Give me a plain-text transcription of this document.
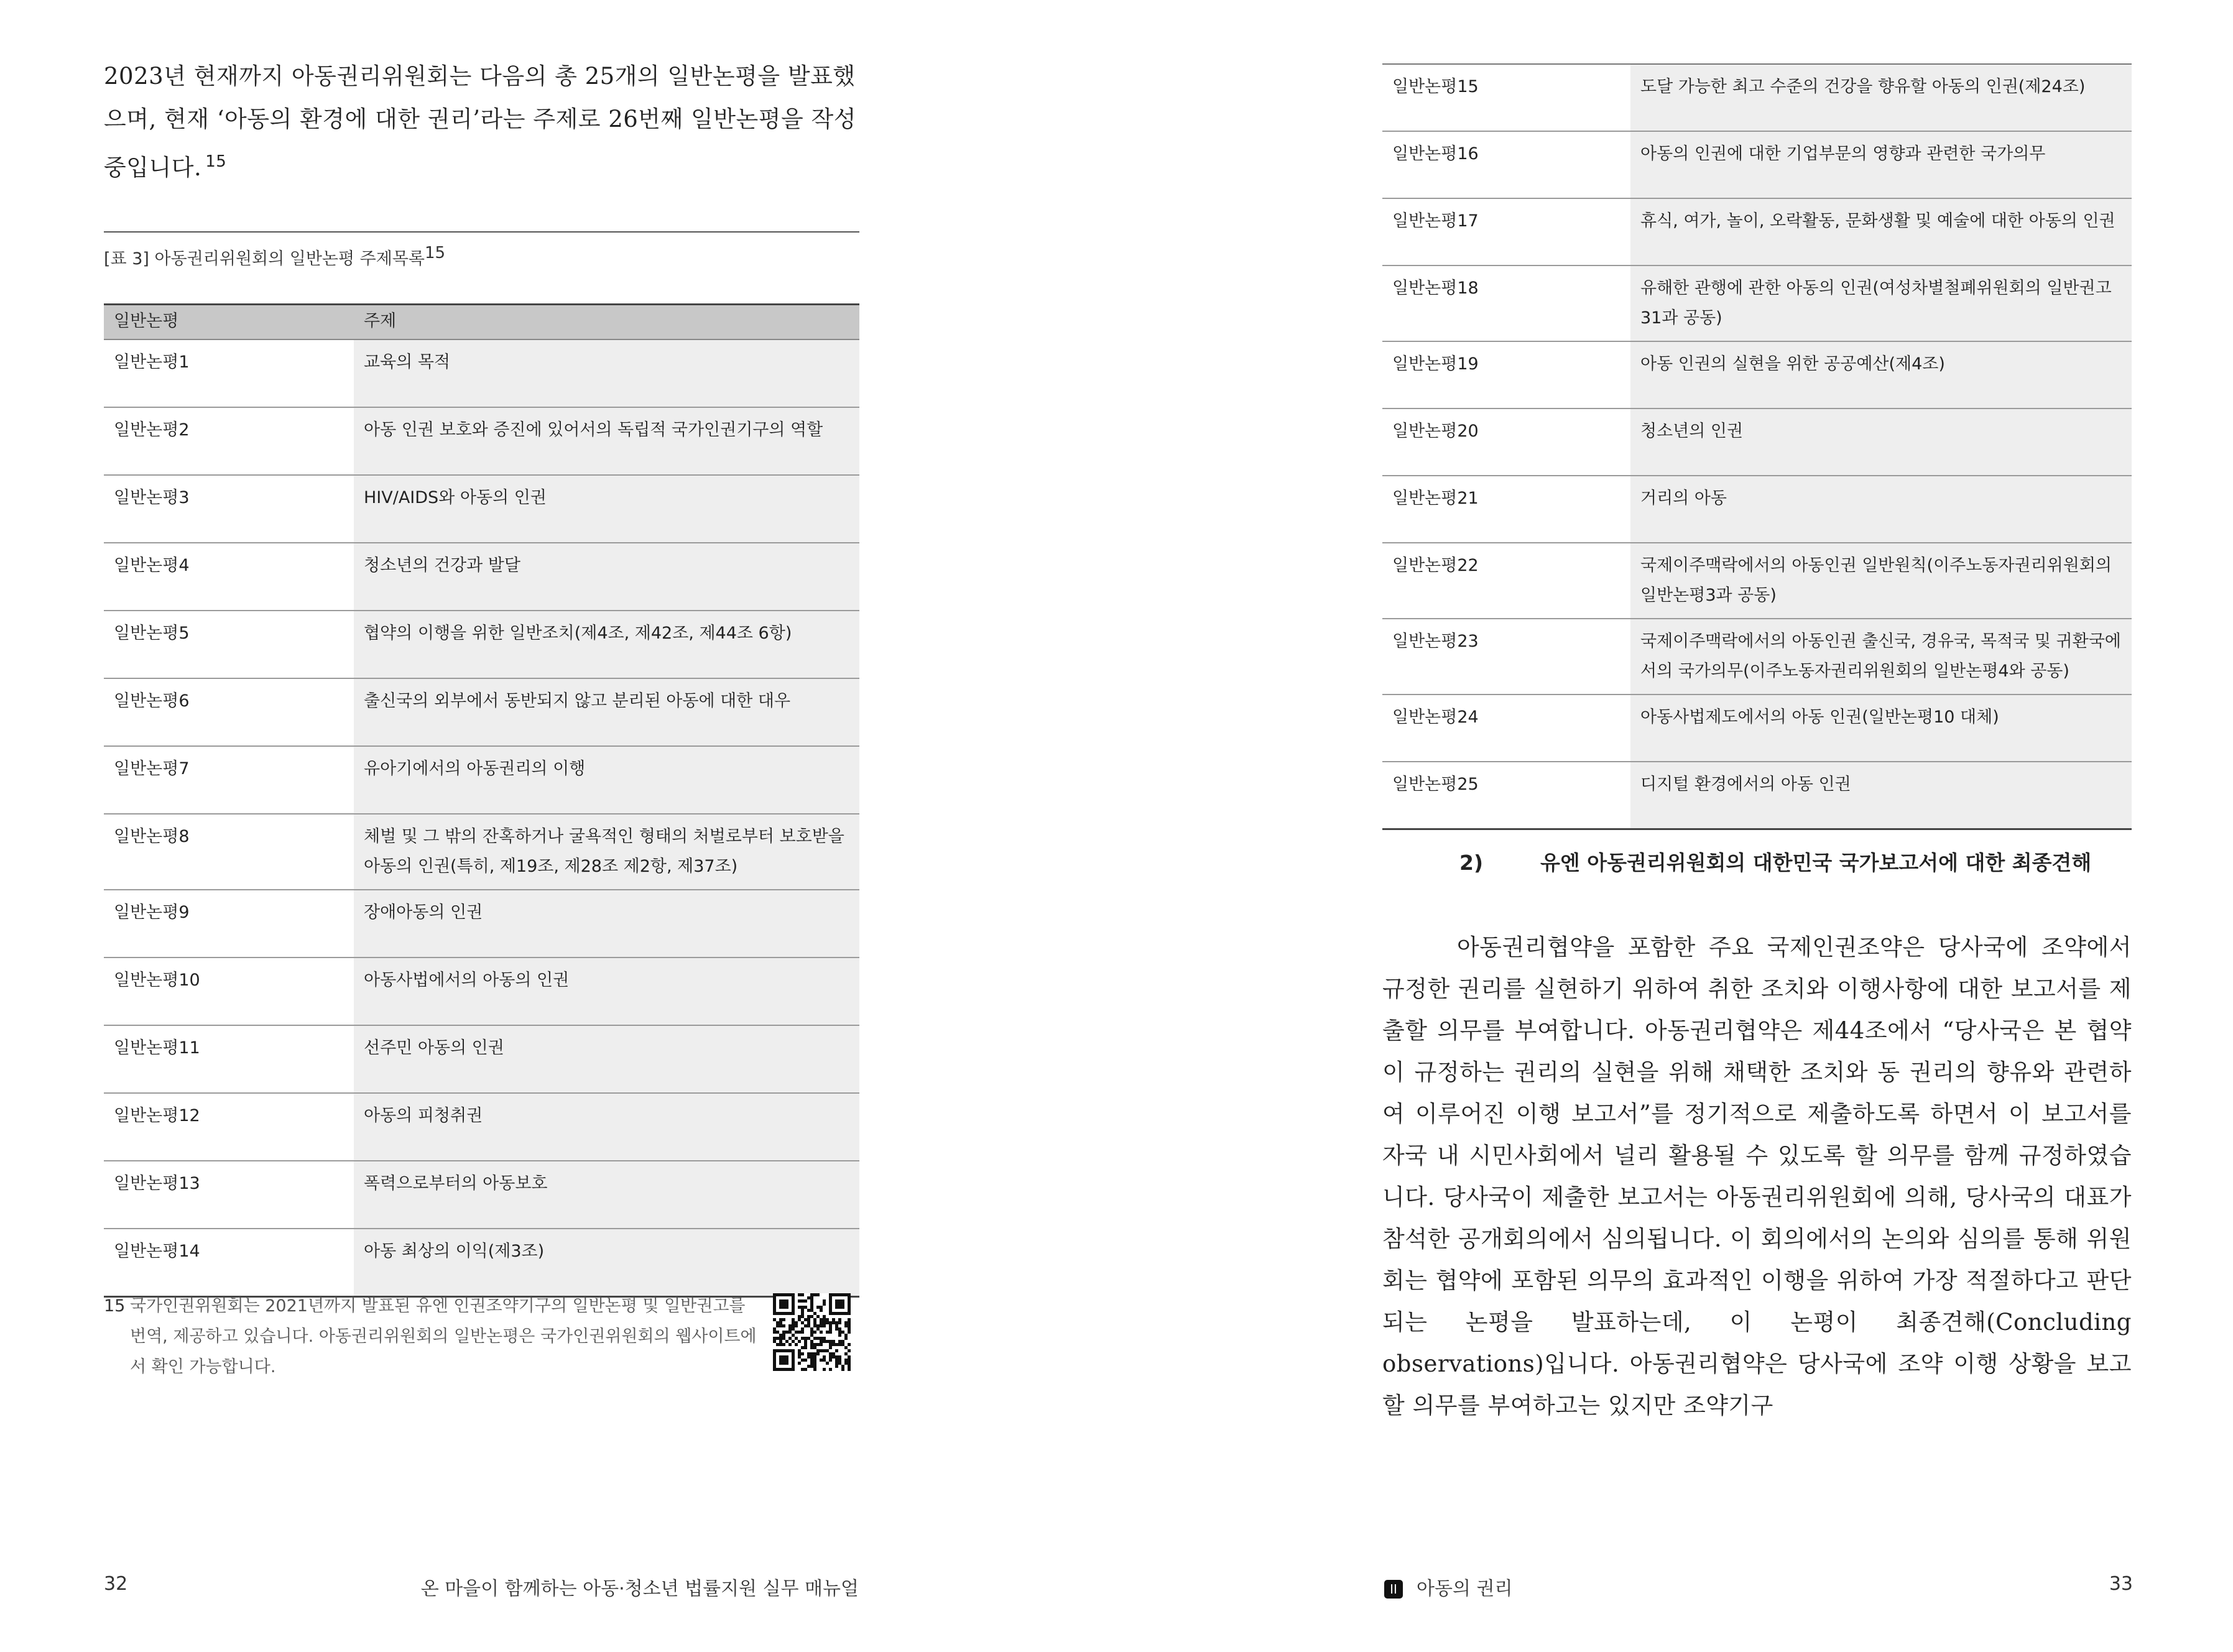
2023년 현재까지 아동권리위원회는 다음의 총 25개의 일반논평을 발표했으며, 현재 ‘아동의 환경에 대한 권리’라는 주제로 26번째 일반논평을 작성 중입니다. $^{15}$
[표 3] 아동권리위원회의 일반논평 주제목록15
일반논평	주제
일반논평1	교육의 목적
일반논평2	아동 인권 보호와 증진에 있어서의 독립적 국가인권기구의 역할
일반논평3	HIV/AIDS와 아동의 인권
일반논평4	청소년의 건강과 발달
일반논평5	협약의 이행을 위한 일반조치(제4조, 제42조, 제44조 6항)
일반논평6	출신국의 외부에서 동반되지 않고 분리된 아동에 대한 대우
일반논평7	유아기에서의 아동권리의 이행
일반논평8	체벌 및 그 밖의 잔혹하거나 굴욕적인 형태의 처벌로부터 보호받을 아동의 인권(특히, 제19조, 제28조 제2항, 제37조)
일반논평9	장애아동의 인권
일반논평10	아동사법에서의 아동의 인권
일반논평11	선주민 아동의 인권
일반논평12	아동의 피청취권
일반논평13	폭력으로부터의 아동보호
일반논평14	아동 최상의 이익(제3조)
15 국가인권위원회는 2021년까지 발표된 유엔 인권조약기구의 일반논평 및 일반권고를 번역, 제공하고 있습니다. 아동권리위원회의 일반논평은 국가인권위원회의 웹사이트에서 확인 가능합니다.
32	온 마을이 함께하는 아동·청소년 법률지원 실무 매뉴얼
일반논평15	도달 가능한 최고 수준의 건강을 향유할 아동의 인권(제24조)
일반논평16	아동의 인권에 대한 기업부문의 영향과 관련한 국가의무
일반논평17	휴식, 여가, 놀이, 오락활동, 문화생활 및 예술에 대한 아동의 인권
일반논평18	유해한 관행에 관한 아동의 인권(여성차별철폐위원회의 일반권고 31과 공동)
일반논평19	아동 인권의 실현을 위한 공공예산(제4조)
일반논평20	청소년의 인권
일반논평21	거리의 아동
일반논평22	국제이주맥락에서의 아동인권 일반원칙(이주노동자권리위원회의 일반논평3과 공동)
일반논평23	국제이주맥락에서의 아동인권 출신국, 경유국, 목적국 및 귀환국에서의 국가의무(이주노동자권리위원회의 일반논평4와 공동)
일반논평24	아동사법제도에서의 아동 인권(일반논평10 대체)
일반논평25	디지털 환경에서의 아동 인권
2)	유엔 아동권리위원회의 대한민국 국가보고서에 대한 최종견해
아동권리협약을 포함한 주요 국제인권조약은 당사국에 조약에서 규정한 권리를 실현하기 위하여 취한 조치와 이행사항에 대한 보고서를 제출할 의무를 부여합니다. 아동권리협약은 제44조에서 “당사국은 본 협약이 규정하는 권리의 실현을 위해 채택한 조치와 동 권리의 향유와 관련하여 이루어진 이행 보고서”를 정기적으로 제출하도록 하면서 이 보고서를 자국 내 시민사회에서 널리 활용될 수 있도록 할 의무를 함께 규정하였습니다. 당사국이 제출한 보고서는 아동권리위원회에 의해, 당사국의 대표가 참석한 공개회의에서 심의됩니다. 이 회의에서의 논의와 심의를 통해 위원회는 협약에 포함된 의무의 효과적인 이행을 위하여 가장 적절하다고 판단되는 논평을 발표하는데, 이 논평이 최종견해(Concluding observations)입니다. 아동권리협약은 당사국에 조약 이행 상황을 보고할 의무를 부여하고는 있지만 조약기구
II 아동의 권리	33
